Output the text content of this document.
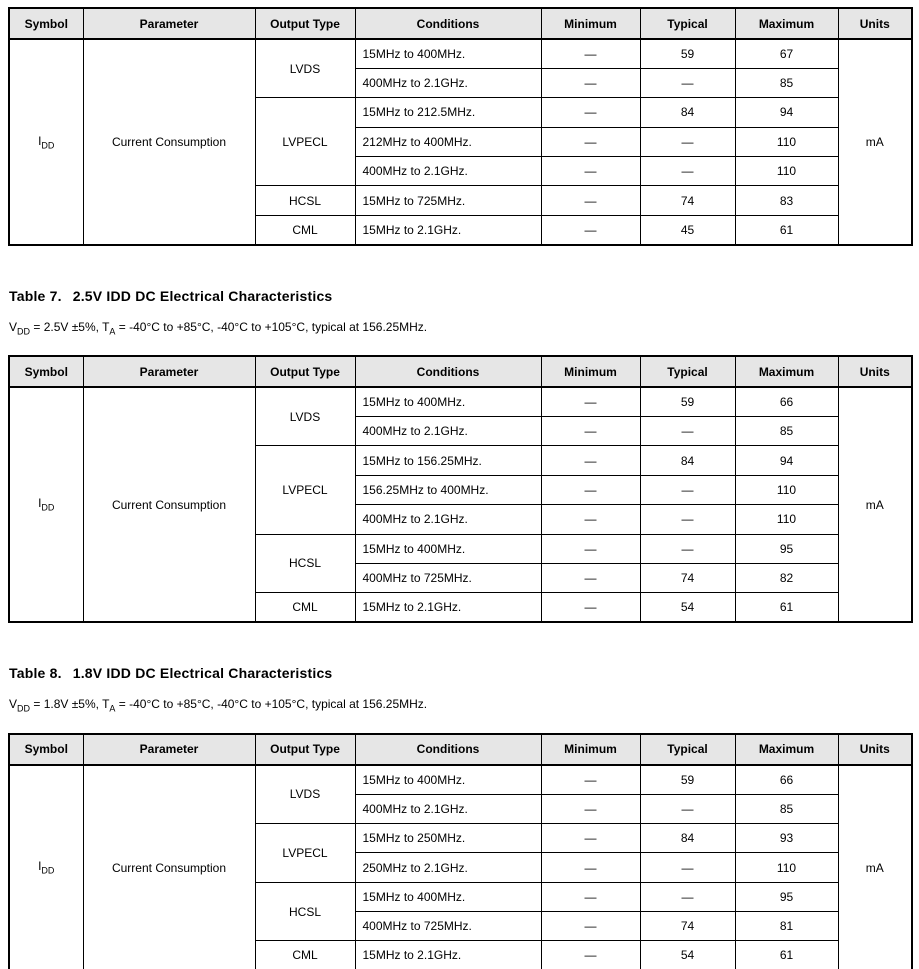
Symbol	Parameter	Output Type	Conditions	Minimum	Typical	Maximum	Units
$I_{DD}$	Current Consumption	LVDS	15MHz to 400MHz.	—	59	67	mA
			400MHz to 2.1GHz.	—	—	85	
		LVPECL	15MHz to 212.5MHz.	—	84	94	
			212MHz to 400MHz.	—	—	110	
			400MHz to 2.1GHz.	—	—	110	
		HCSL	15MHz to 725MHz.	—	74	83	
		CML	15MHz to 2.1GHz.	—	45	61	
Table 7. 2.5V IDD DC Electrical Characteristics

$V_{DD} = 2.5V \pm 5\%$, $T_A = -40^\circ C$ to +85°C, -40°C to +105°C, typical at 156.25MHz.

Symbol	Parameter	Output Type	Conditions	Minimum	Typical	Maximum	Units
$I_{DD}$	Current Consumption	LVDS	15MHz to 400MHz.	—	59	66	mA
			400MHz to 2.1GHz.	—	—	85	
		LVPECL	15MHz to 156.25MHz.	—	84	94	
			156.25MHz to 400MHz.	—	—	110	
			400MHz to 2.1GHz.	—	—	110	
		HCSL	15MHz to 400MHz.	—	—	95	
			400MHz to 725MHz.	—	74	82	
		CML	15MHz to 2.1GHz.	—	54	61	
Table 8. 1.8V IDD DC Electrical Characteristics

$V_{DD} = 1.8V \pm 5\%$, $T_A = -40^\circ C$ to +85°C, -40°C to +105°C, typical at 156.25MHz.

Symbol	Parameter	Output Type	Conditions	Minimum	Typical	Maximum	Units
$I_{DD}$	Current Consumption	LVDS	15MHz to 400MHz.	—	59	66	mA
			400MHz to 2.1GHz.	—	—	85	
		LVPECL	15MHz to 250MHz.	—	84	93	
			250MHz to 2.1GHz.	—	—	110	
		HCSL	15MHz to 400MHz.	—	—	95	
			400MHz to 725MHz.	—	74	81	
		CML	15MHz to 2.1GHz.	—	54	61	
